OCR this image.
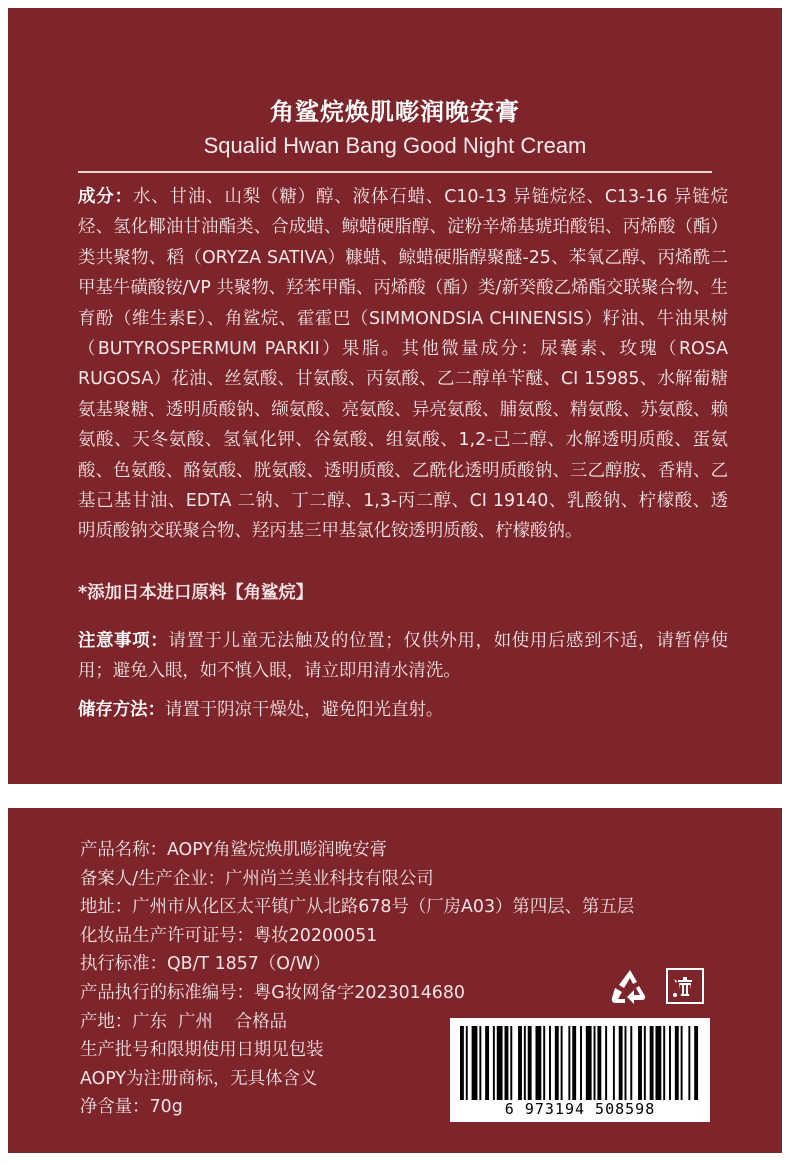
角鲨烷焕肌嘭润晚安膏
Squalid Hwan Bang Good Night Cream
成分：水、甘油、山梨（糖）醇、液体石蜡、C10-13 异链烷烃、C13-16 异链烷烃、氢化椰油甘油酯类、合成蜡、鲸蜡硬脂醇、淀粉辛烯基琥珀酸铝、丙烯酸（酯）类共聚物、稻（ORYZA SATIVA）糠蜡、鲸蜡硬脂醇聚醚-25、苯氧乙醇、丙烯酰二甲基牛磺酸铵/VP 共聚物、羟苯甲酯、丙烯酸（酯）类/新癸酸乙烯酯交联聚合物、生育酚（维生素E）、角鲨烷、霍霍巴（SIMMONDSIA CHINENSIS）籽油、牛油果树（BUTYROSPERMUM PARKII）果脂。其他微量成分：尿囊素、玫瑰（ROSA RUGOSA）花油、丝氨酸、甘氨酸、丙氨酸、乙二醇单苄醚、CI 15985、水解葡糖氨基聚糖、透明质酸钠、缬氨酸、亮氨酸、异亮氨酸、脯氨酸、精氨酸、苏氨酸、赖氨酸、天冬氨酸、氢氧化钾、谷氨酸、组氨酸、1,2-己二醇、水解透明质酸、蛋氨酸、色氨酸、酪氨酸、胱氨酸、透明质酸、乙酰化透明质酸钠、三乙醇胺、香精、乙基己基甘油、EDTA 二钠、丁二醇、1,3-丙二醇、CI 19140、乳酸钠、柠檬酸、透明质酸钠交联聚合物、羟丙基三甲基氯化铵透明质酸、柠檬酸钠。
*添加日本进口原料【角鲨烷】
注意事项：请置于儿童无法触及的位置；仅供外用，如使用后感到不适，请暂停使用；避免入眼，如不慎入眼，请立即用清水清洗。
储存方法：请置于阴凉干燥处，避免阳光直射。
产品名称：AOPY角鲨烷焕肌嘭润晚安膏
备案人/生产企业：广州尚兰美业科技有限公司
地址：广州市从化区太平镇广从北路678号（厂房A03）第四层、第五层
化妆品生产许可证号：粤妆20200051
执行标准：QB/T 1857（O/W）
产品执行的标准编号：粤G妆网备字2023014680
产地：广东  广州    合格品
生产批号和限期使用日期见包装
AOPY为注册商标，无具体含义
净含量：70g	6 973194 508598
